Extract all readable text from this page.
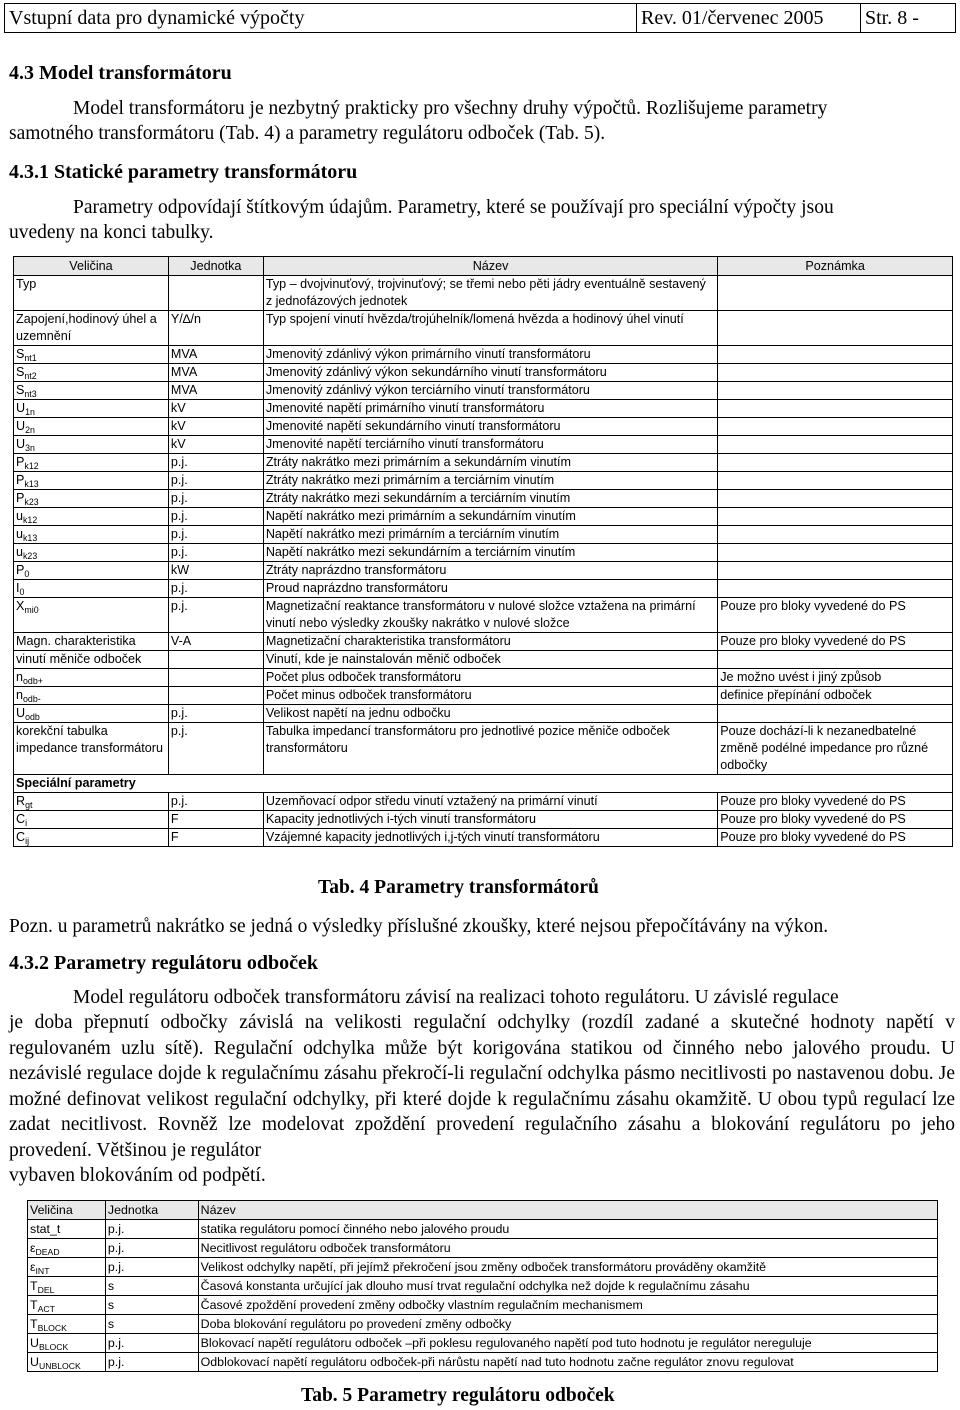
Vstupní data pro dynamické výpočty	Rev. 01/červenec 2005	Str. 8 -
4.3 Model transformátoru
Model transformátoru je nezbytný prakticky pro všechny druhy výpočtů. Rozlišujeme parametry
samotného transformátoru (Tab. 4) a parametry regulátoru odboček (Tab. 5).
4.3.1 Statické parametry transformátoru
Parametry odpovídají štítkovým údajům. Parametry, které se používají pro speciální výpočty jsou
uvedeny na konci tabulky.
Veličina	Jednotka	Název	Poznámka
Typ		Typ – dvojvinuťový, trojvinuťový; se třemi nebo pěti jádry eventuálně sestavený z jednofázových jednotek	
Zapojení,hodinový úhel a uzemnění	Y/∆/n	Typ spojení vinutí hvězda/trojúhelník/lomená hvězda a hodinový úhel vinutí	
$S_{nt1}$	MVA	Jmenovitý zdánlivý výkon primárního vinutí transformátoru	
$S_{nt2}$	MVA	Jmenovitý zdánlivý výkon sekundárního vinutí transformátoru	
$S_{nt3}$	MVA	Jmenovitý zdánlivý výkon terciárního vinutí transformátoru	
$U_{1n}$	kV	Jmenovité napětí primárního vinutí transformátoru	
$U_{2n}$	kV	Jmenovité napětí sekundárního vinutí transformátoru	
$U_{3n}$	kV	Jmenovité napětí terciárního vinutí transformátoru	
$P_{k12}$	p.j.	Ztráty nakrátko mezi primárním a sekundárním vinutím	
$P_{k13}$	p.j.	Ztráty nakrátko mezi primárním a terciárním vinutím	
$P_{k23}$	p.j.	Ztráty nakrátko mezi sekundárním a terciárním vinutím	
$u_{k12}$	p.j.	Napětí nakrátko mezi primárním a sekundárním vinutím	
$u_{k13}$	p.j.	Napětí nakrátko mezi primárním a terciárním vinutím	
$u_{k23}$	p.j.	Napětí nakrátko mezi sekundárním a terciárním vinutím	
$P_0$	kW	Ztráty naprázdno transformátoru	
$I_0$	p.j.	Proud naprázdno transformátoru	
$X_{mi0}$	p.j.	Magnetizační reaktance transformátoru v nulové složce vztažena na primární vinutí nebo výsledky zkoušky nakrátko v nulové složce	Pouze pro bloky vyvedené do PS
Magn. charakteristika	V-A	Magnetizační charakteristika transformátoru	Pouze pro bloky vyvedené do PS
vinutí měniče odboček		Vinutí, kde je nainstalován měnič odboček	
$n_{odb+}$		Počet plus odboček transformátoru	Je možno uvést i jiný způsob
$n_{odb-}$		Počet minus odboček transformátoru	definice přepínání odboček
$U_{odb}$	p.j.	Velikost napětí na jednu odbočku	
korekční tabulka impedance transformátoru	p.j.	Tabulka impedancí transformátoru pro jednotlivé pozice měniče odboček transformátoru	Pouze dochází-li k nezanedbatelné změně podélné impedance pro různé odbočky
Speciální parametry			
$R_{gt}$	p.j.	Uzemňovací odpor středu vinutí vztažený na primární vinutí	Pouze pro bloky vyvedené do PS
$C_i$	F	Kapacity jednotlivých i-tých vinutí transformátoru	Pouze pro bloky vyvedené do PS
$C_{ij}$	F	Vzájemné kapacity jednotlivých i,j-tých vinutí transformátoru	Pouze pro bloky vyvedené do PS
Tab. 4 Parametry transformátorů
Pozn. u parametrů nakrátko se jedná o výsledky příslušné zkoušky, které nejsou přepočítávány na výkon.
4.3.2 Parametry regulátoru odboček
Model regulátoru odboček transformátoru závisí na realizaci tohoto regulátoru. U závislé regulace
je doba přepnutí odbočky závislá na velikosti regulační odchylky (rozdíl zadané a skutečné hodnoty napětí v regulovaném uzlu sítě). Regulační odchylka může být korigována statikou od činného nebo jalového proudu. U nezávislé regulace dojde k regulačnímu zásahu překročí-li regulační odchylka pásmo necitlivosti po nastavenou dobu. Je možné definovat velikost regulační odchylky, při které dojde k regulačnímu zásahu okamžitě. U obou typů regulací lze zadat necitlivost. Rovněž lze modelovat zpoždění provedení regulačního zásahu a blokování regulátoru po jeho provedení. Většinou je regulátor
vybaven blokováním od podpětí.
Veličina	Jednotka	Název
stat_t	p.j.	statika regulátoru pomocí činného nebo jalového proudu
$\varepsilon_{DEAD}$	p.j.	Necitlivost regulátoru odboček transformátoru
$\varepsilon_{INT}$	p.j.	Velikost odchylky napětí, při jejímž překročení jsou změny odboček transformátoru prováděny okamžitě
$T_{DEL}$	s	Časová konstanta určující jak dlouho musí trvat regulační odchylka než dojde k regulačnímu zásahu
$T_{ACT}$	s	Časové zpoždění provedení změny odbočky vlastním regulačním mechanismem
$T_{BLOCK}$	s	Doba blokování regulátoru po provedení změny odbočky
$U_{BLOCK}$	p.j.	Blokovací napětí regulátoru odboček –při poklesu regulovaného napětí pod tuto hodnotu je regulátor nereguluje
$U_{UNBLOCK}$	p.j.	Odblokovací napětí regulátoru odboček-při nárůstu napětí nad tuto hodnotu začne regulátor znovu regulovat
Tab. 5 Parametry regulátoru odboček
